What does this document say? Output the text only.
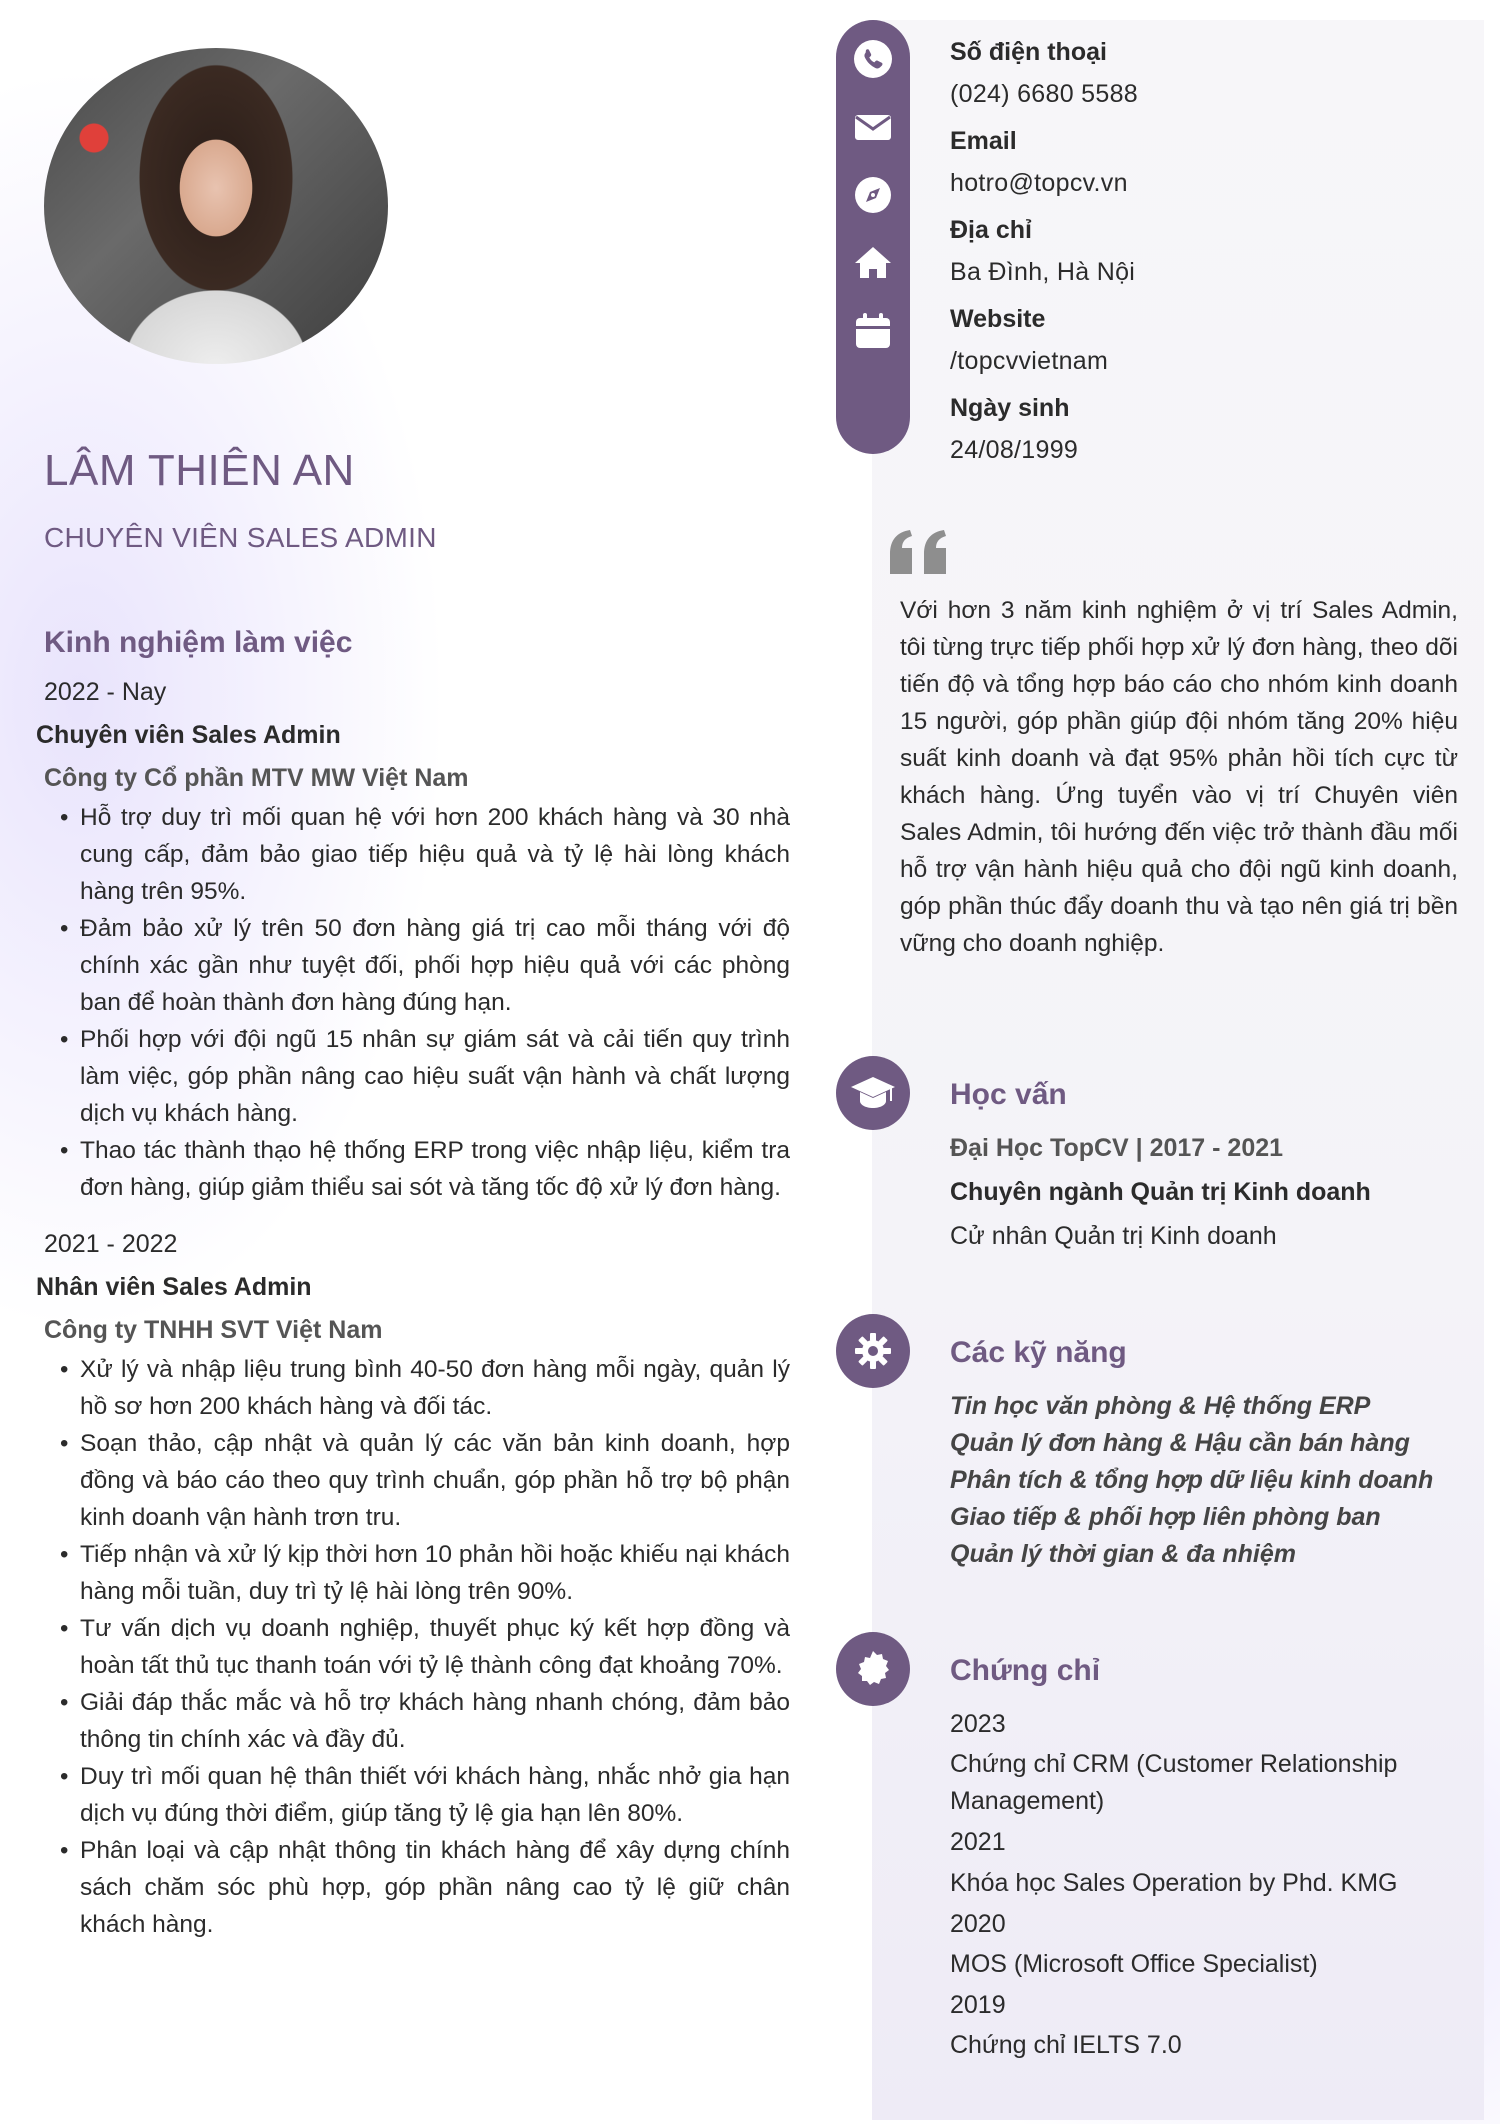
LÂM THIÊN AN
CHUYÊN VIÊN SALES ADMIN
Kinh nghiệm làm việc
2022 - Nay
Chuyên viên Sales Admin
Công ty Cổ phần MTV MW Việt Nam
• Hỗ trợ duy trì mối quan hệ với hơn 200 khách hàng và 30 nhà cung cấp, đảm bảo giao tiếp hiệu quả và tỷ lệ hài lòng khách hàng trên 95%.
• Đảm bảo xử lý trên 50 đơn hàng giá trị cao mỗi tháng với độ chính xác gần như tuyệt đối, phối hợp hiệu quả với các phòng ban để hoàn thành đơn hàng đúng hạn.
• Phối hợp với đội ngũ 15 nhân sự giám sát và cải tiến quy trình làm việc, góp phần nâng cao hiệu suất vận hành và chất lượng dịch vụ khách hàng.
• Thao tác thành thạo hệ thống ERP trong việc nhập liệu, kiểm tra đơn hàng, giúp giảm thiểu sai sót và tăng tốc độ xử lý đơn hàng.
2021 - 2022
Nhân viên Sales Admin
Công ty TNHH SVT Việt Nam
• Xử lý và nhập liệu trung bình 40-50 đơn hàng mỗi ngày, quản lý hồ sơ hơn 200 khách hàng và đối tác.
• Soạn thảo, cập nhật và quản lý các văn bản kinh doanh, hợp đồng và báo cáo theo quy trình chuẩn, góp phần hỗ trợ bộ phận kinh doanh vận hành trơn tru.
• Tiếp nhận và xử lý kịp thời hơn 10 phản hồi hoặc khiếu nại khách hàng mỗi tuần, duy trì tỷ lệ hài lòng trên 90%.
• Tư vấn dịch vụ doanh nghiệp, thuyết phục ký kết hợp đồng và hoàn tất thủ tục thanh toán với tỷ lệ thành công đạt khoảng 70%.
• Giải đáp thắc mắc và hỗ trợ khách hàng nhanh chóng, đảm bảo thông tin chính xác và đầy đủ.
• Duy trì mối quan hệ thân thiết với khách hàng, nhắc nhở gia hạn dịch vụ đúng thời điểm, giúp tăng tỷ lệ gia hạn lên 80%.
• Phân loại và cập nhật thông tin khách hàng để xây dựng chính sách chăm sóc phù hợp, góp phần nâng cao tỷ lệ giữ chân khách hàng.
Số điện thoại
(024) 6680 5588
Email
hotro@topcv.vn
Địa chỉ
Ba Đình, Hà Nội
Website
/topcvvietnam
Ngày sinh
24/08/1999
Với hơn 3 năm kinh nghiệm ở vị trí Sales Admin, tôi từng trực tiếp phối hợp xử lý đơn hàng, theo dõi tiến độ và tổng hợp báo cáo cho nhóm kinh doanh 15 người, góp phần giúp đội nhóm tăng 20% hiệu suất kinh doanh và đạt 95% phản hồi tích cực từ khách hàng. Ứng tuyển vào vị trí Chuyên viên Sales Admin, tôi hướng đến việc trở thành đầu mối hỗ trợ vận hành hiệu quả cho đội ngũ kinh doanh, góp phần thúc đẩy doanh thu và tạo nên giá trị bền vững cho doanh nghiệp.
Học vấn
Đại Học TopCV | 2017 - 2021
Chuyên ngành Quản trị Kinh doanh
Cử nhân Quản trị Kinh doanh
Các kỹ năng
Tin học văn phòng & Hệ thống ERP
Quản lý đơn hàng & Hậu cần bán hàng
Phân tích & tổng hợp dữ liệu kinh doanh
Giao tiếp & phối hợp liên phòng ban
Quản lý thời gian & đa nhiệm
Chứng chỉ
2023
Chứng chỉ CRM (Customer Relationship Management)
2021
Khóa học Sales Operation by Phd. KMG
2020
MOS (Microsoft Office Specialist)
2019
Chứng chỉ IELTS 7.0
